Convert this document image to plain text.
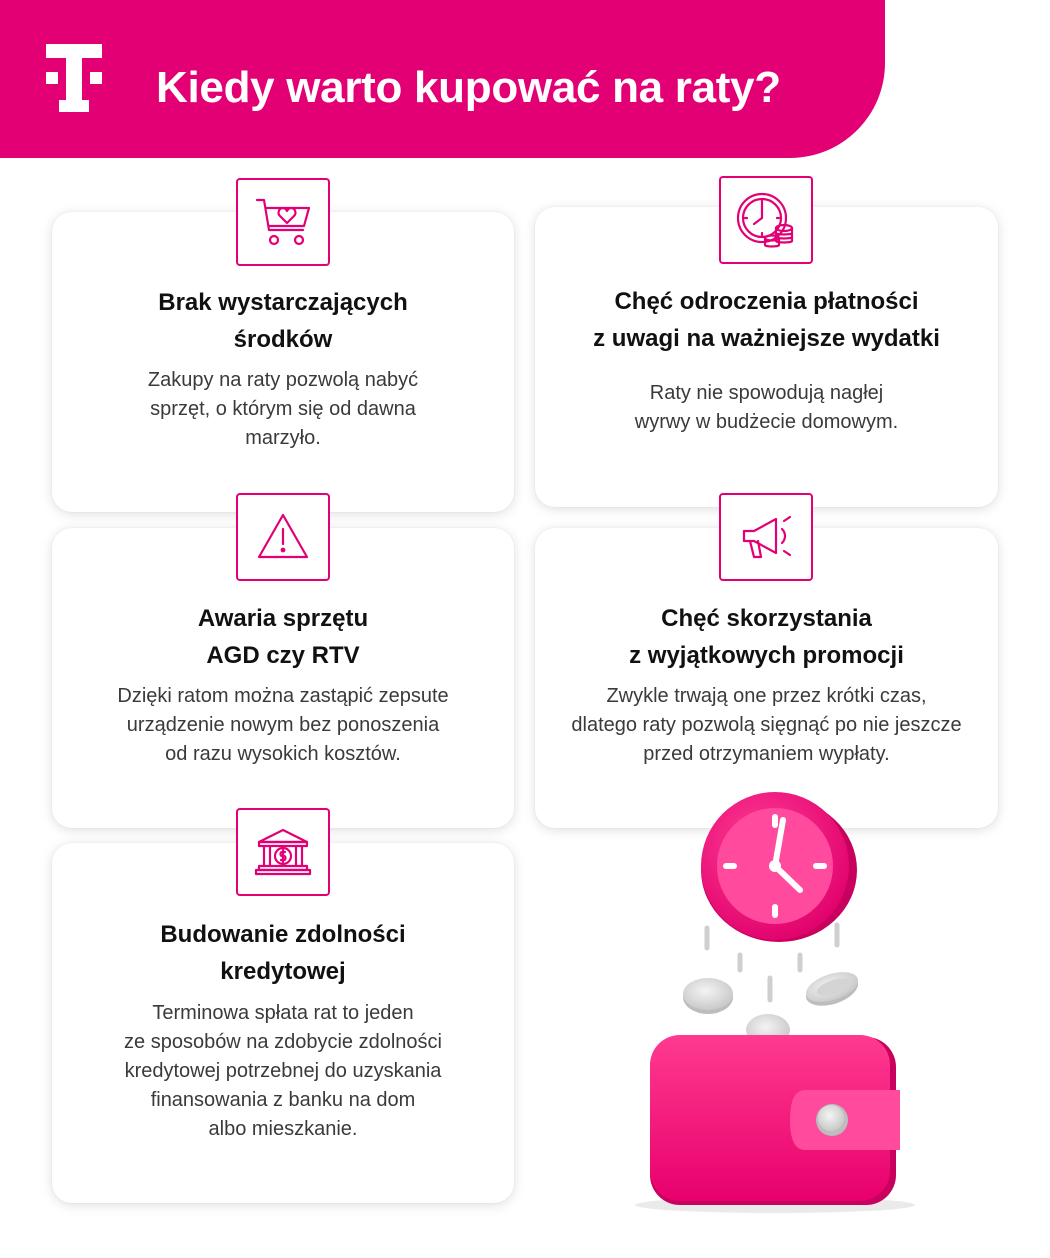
Kiedy warto kupować na raty?
Brak wystarczających
środków
Zakupy na raty pozwolą nabyć
sprzęt, o którym się od dawna
marzyło.
Chęć odroczenia płatności
z uwagi na ważniejsze wydatki
Raty nie spowodują nagłej
wyrwy w budżecie domowym.
Awaria sprzętu
AGD czy RTV
Dzięki ratom można zastąpić zepsute
urządzenie nowym bez ponoszenia
od razu wysokich kosztów.
Chęć skorzystania
z wyjątkowych promocji
Zwykle trwają one przez krótki czas,
dlatego raty pozwolą sięgnąć po nie jeszcze
przed otrzymaniem wypłaty.
Budowanie zdolności
kredytowej
Terminowa spłata rat to jeden
ze sposobów na zdobycie zdolności
kredytowej potrzebnej do uzyskania
finansowania z banku na dom
albo mieszkanie.
